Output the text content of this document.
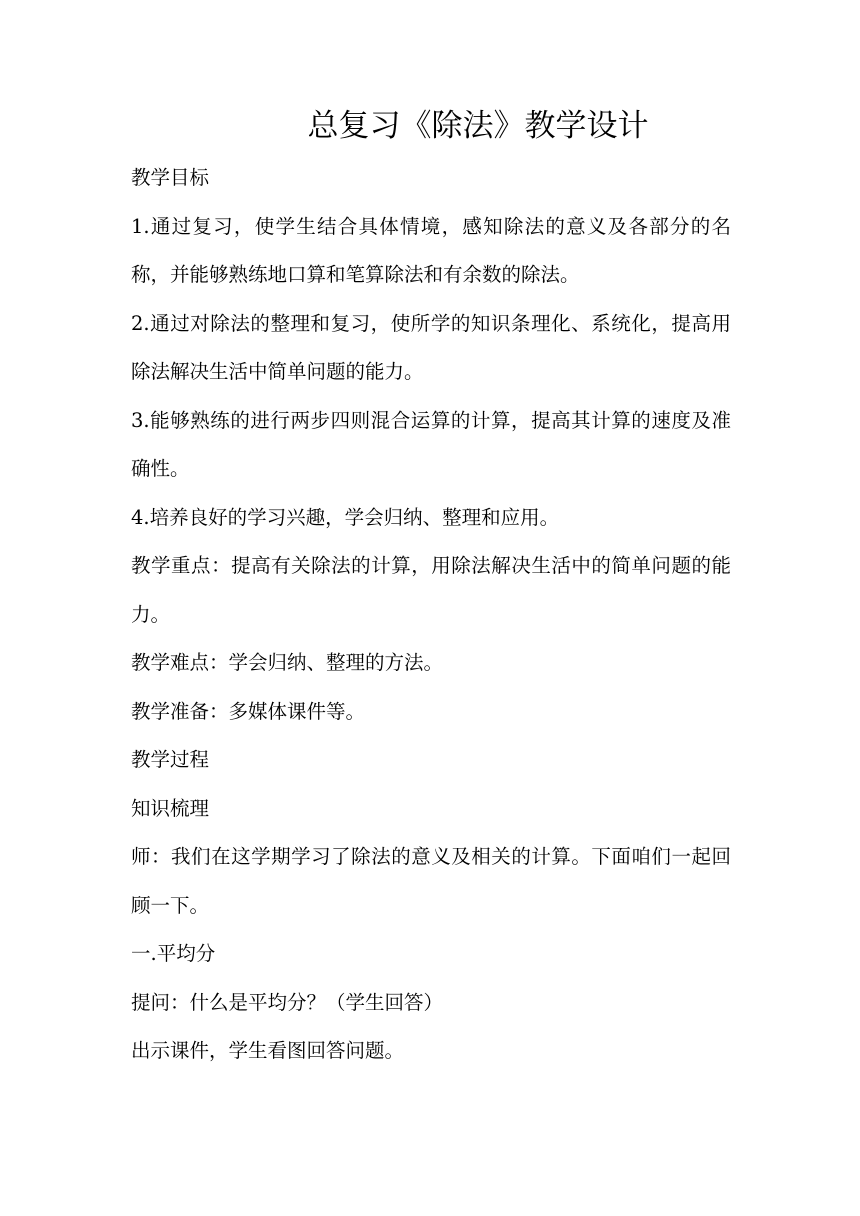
总复习《除法》教学设计

教学目标

1.通过复习，使学生结合具体情境，感知除法的意义及各部分的名称，并能够熟练地口算和笔算除法和有余数的除法。

2.通过对除法的整理和复习，使所学的知识条理化、系统化，提高用除法解决生活中简单问题的能力。

3.能够熟练的进行两步四则混合运算的计算，提高其计算的速度及准确性。

4.培养良好的学习兴趣，学会归纳、整理和应用。

教学重点：提高有关除法的计算，用除法解决生活中的简单问题的能力。

教学难点：学会归纳、整理的方法。

教学准备：多媒体课件等。

教学过程

知识梳理

师：我们在这学期学习了除法的意义及相关的计算。下面咱们一起回顾一下。

一.平均分

提问：什么是平均分？（学生回答）

出示课件，学生看图回答问题。
